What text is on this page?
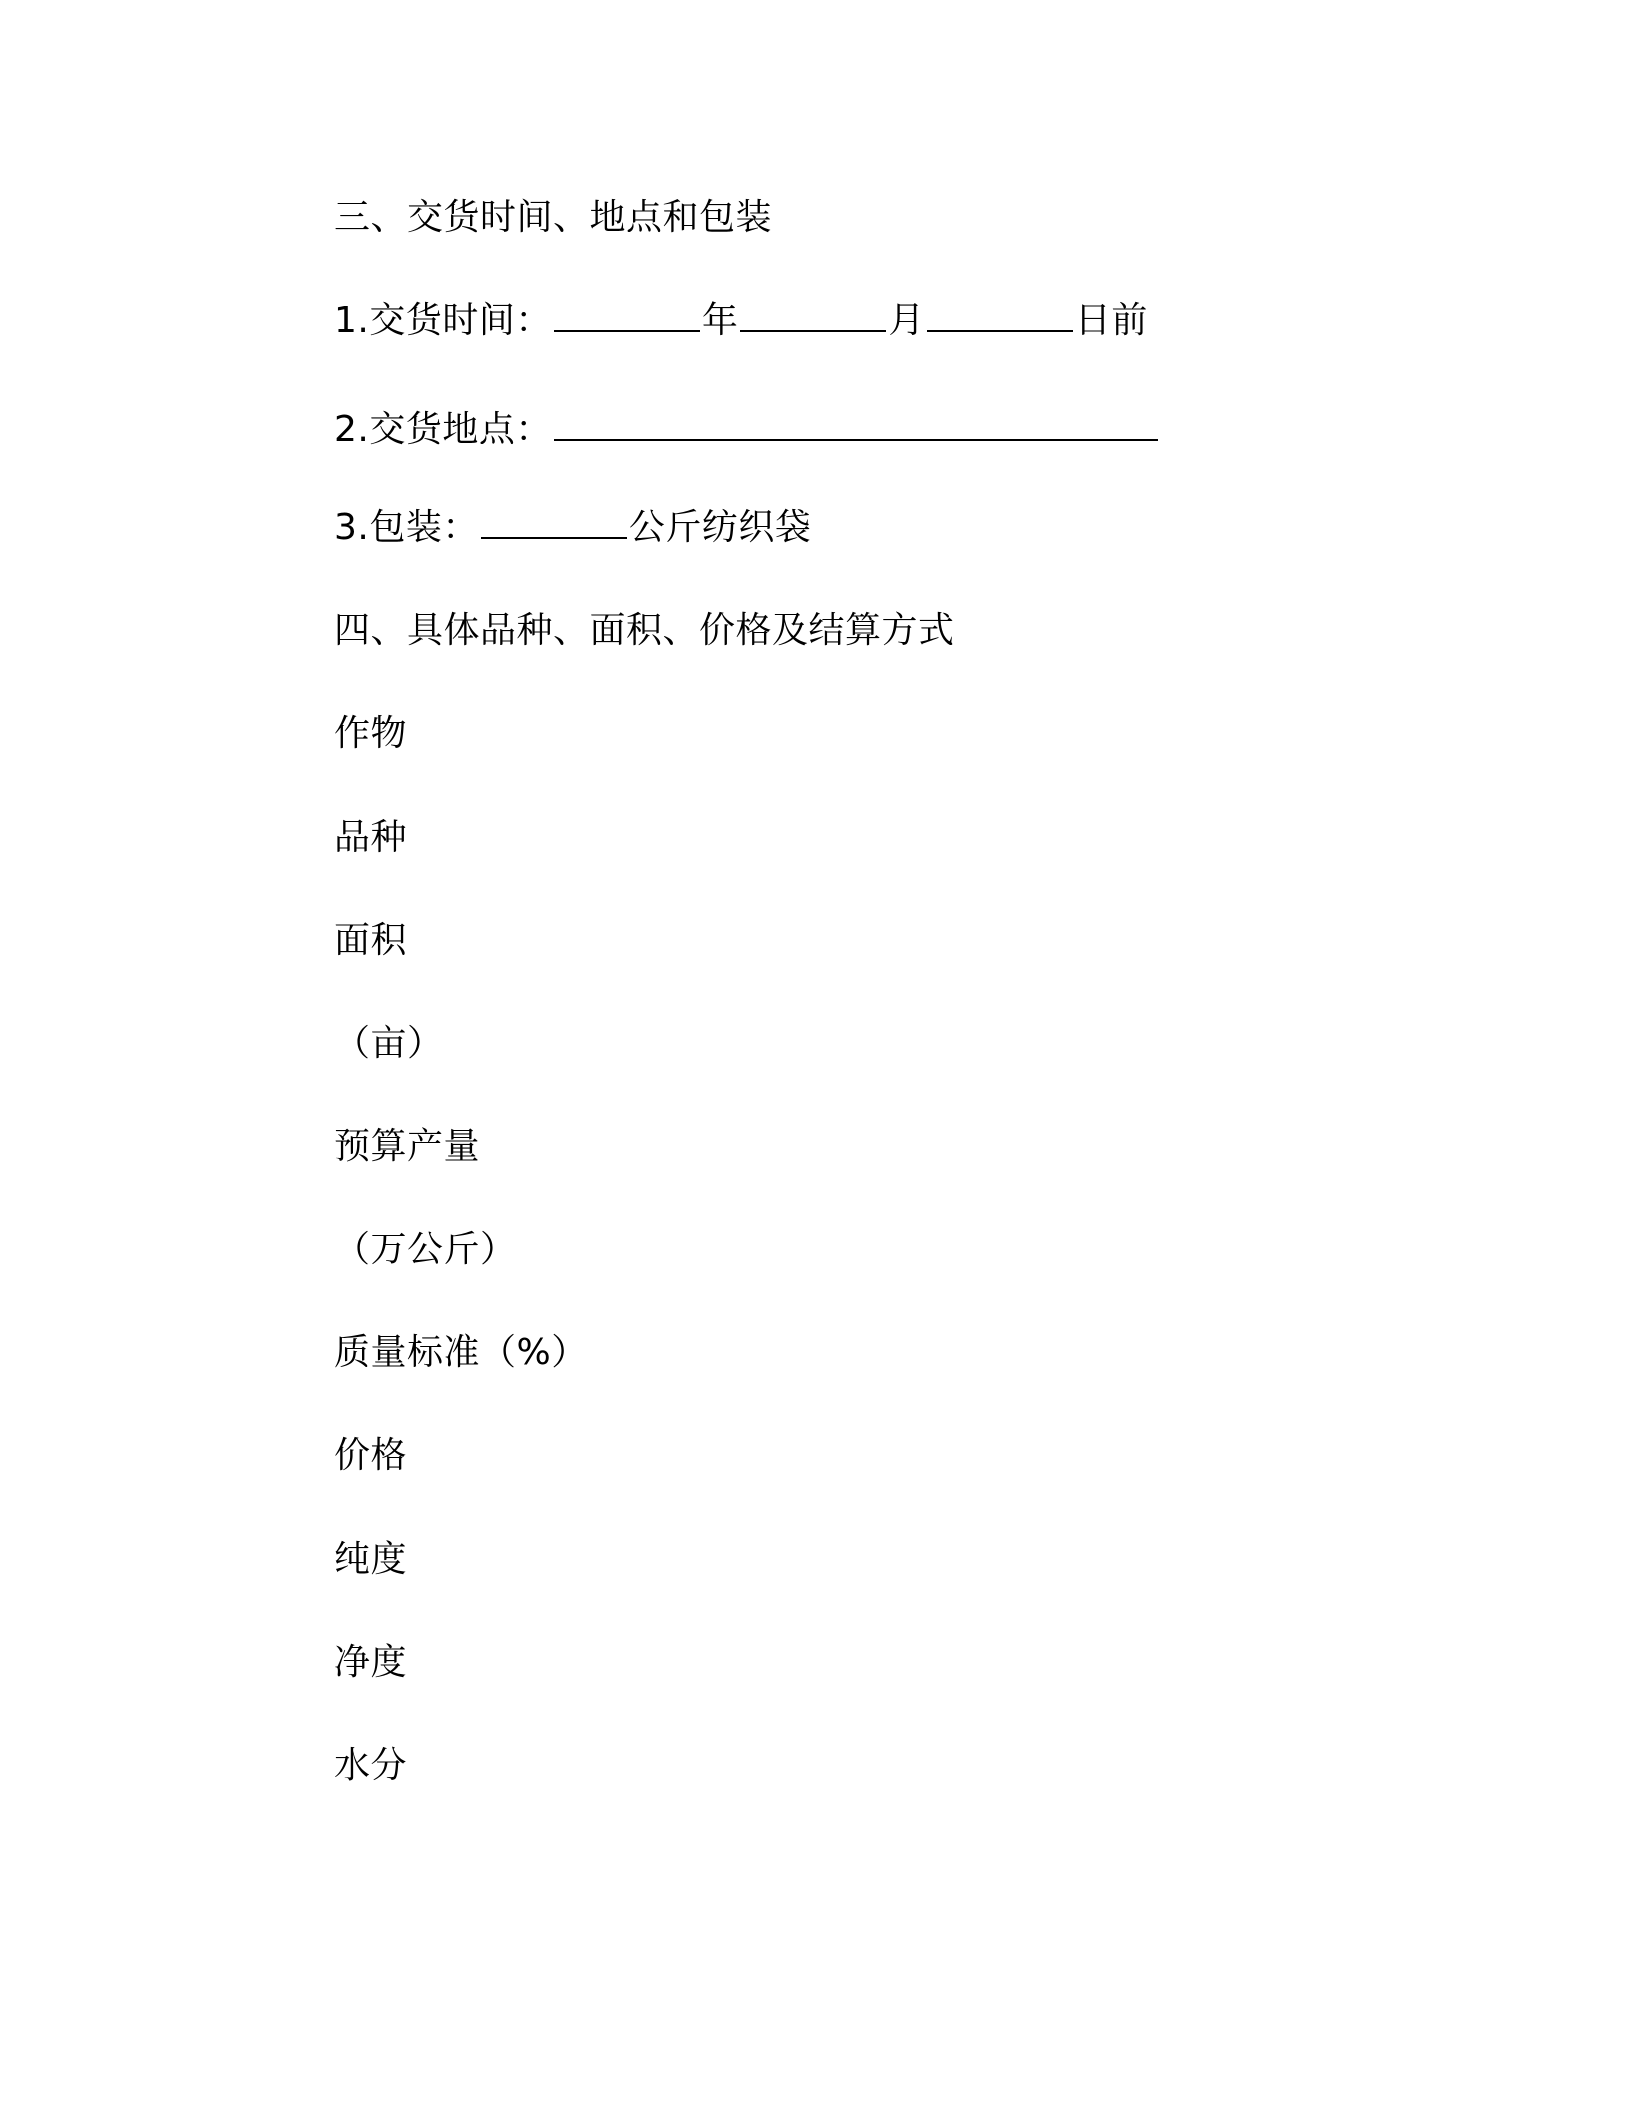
三、交货时间、地点和包装
1.交货时间：	年	月	日前
2.交货地点：
3.包装：	公斤纺织袋
四、具体品种、面积、价格及结算方式
作物
品种
面积
（亩）
预算产量
（万公斤）
质量标准（%）
价格
纯度
净度
水分
